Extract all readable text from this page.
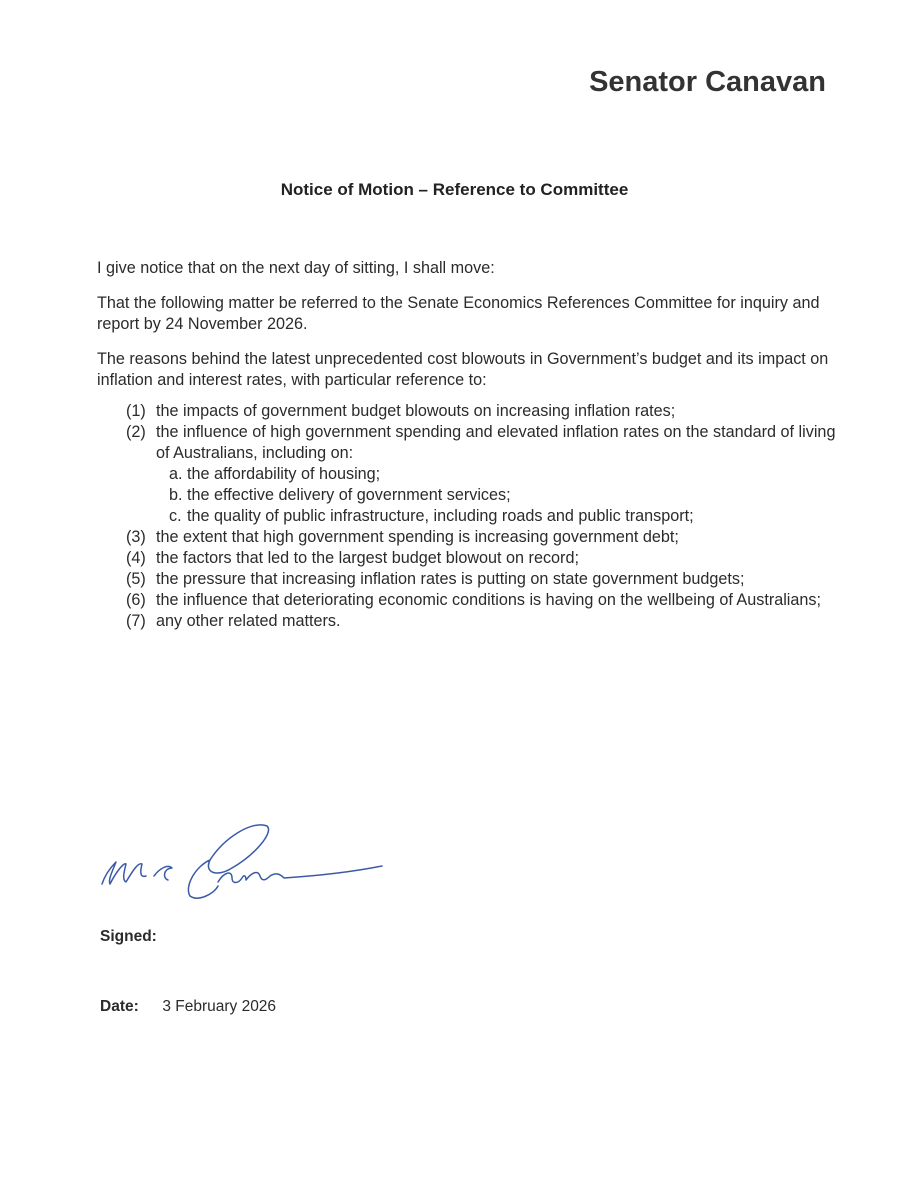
Senator Canavan
Notice of Motion – Reference to Committee

I give notice that on the next day of sitting, I shall move:

That the following matter be referred to the Senate Economics References Committee for inquiry and report by 24 November 2026.

The reasons behind the latest unprecedented cost blowouts in Government’s budget and its impact on inflation and interest rates, with particular reference to:

(1) the impacts of government budget blowouts on increasing inflation rates;
(2) the influence of high government spending and elevated inflation rates on the standard of living of Australians, including on:
a. the affordability of housing;
b. the effective delivery of government services;
c. the quality of public infrastructure, including roads and public transport;
(3) the extent that high government spending is increasing government debt;
(4) the factors that led to the largest budget blowout on record;
(5) the pressure that increasing inflation rates is putting on state government budgets;
(6) the influence that deteriorating economic conditions is having on the wellbeing of Australians;
(7) any other related matters.
Signed:
Date: 3 February 2026
